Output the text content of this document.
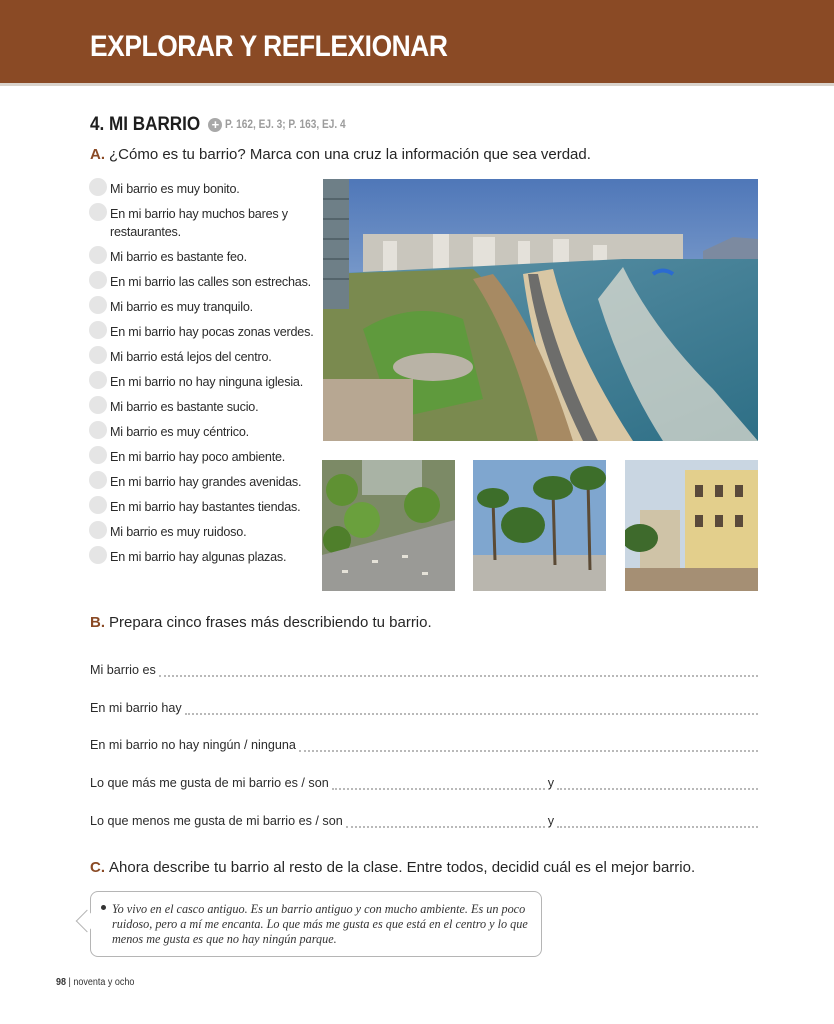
EXPLORAR Y REFLEXIONAR
4. MI BARRIO + P. 162, EJ. 3; P. 163, EJ. 4
A. ¿Cómo es tu barrio? Marca con una cruz la información que sea verdad.
Mi barrio es muy bonito.
En mi barrio hay muchos bares y restaurantes.
Mi barrio es bastante feo.
En mi barrio las calles son estrechas.
Mi barrio es muy tranquilo.
En mi barrio hay pocas zonas verdes.
Mi barrio está lejos del centro.
En mi barrio no hay ninguna iglesia.
Mi barrio es bastante sucio.
Mi barrio es muy céntrico.
En mi barrio hay poco ambiente.
En mi barrio hay grandes avenidas.
En mi barrio hay bastantes tiendas.
Mi barrio es muy ruidoso.
En mi barrio hay algunas plazas.
B. Prepara cinco frases más describiendo tu barrio.
Mi barrio es
En mi barrio hay
En mi barrio no hay ningún / ninguna
Lo que más me gusta de mi barrio es / son	y
Lo que menos me gusta de mi barrio es / son	y
C. Ahora describe tu barrio al resto de la clase. Entre todos, decidid cuál es el mejor barrio.

Yo vivo en el casco antiguo. Es un barrio antiguo y con mucho ambiente. Es un poco ruidoso, pero a mí me encanta. Lo que más me gusta es que está en el centro y lo que menos me gusta es que no hay ningún parque.

98 | noventa y ocho
